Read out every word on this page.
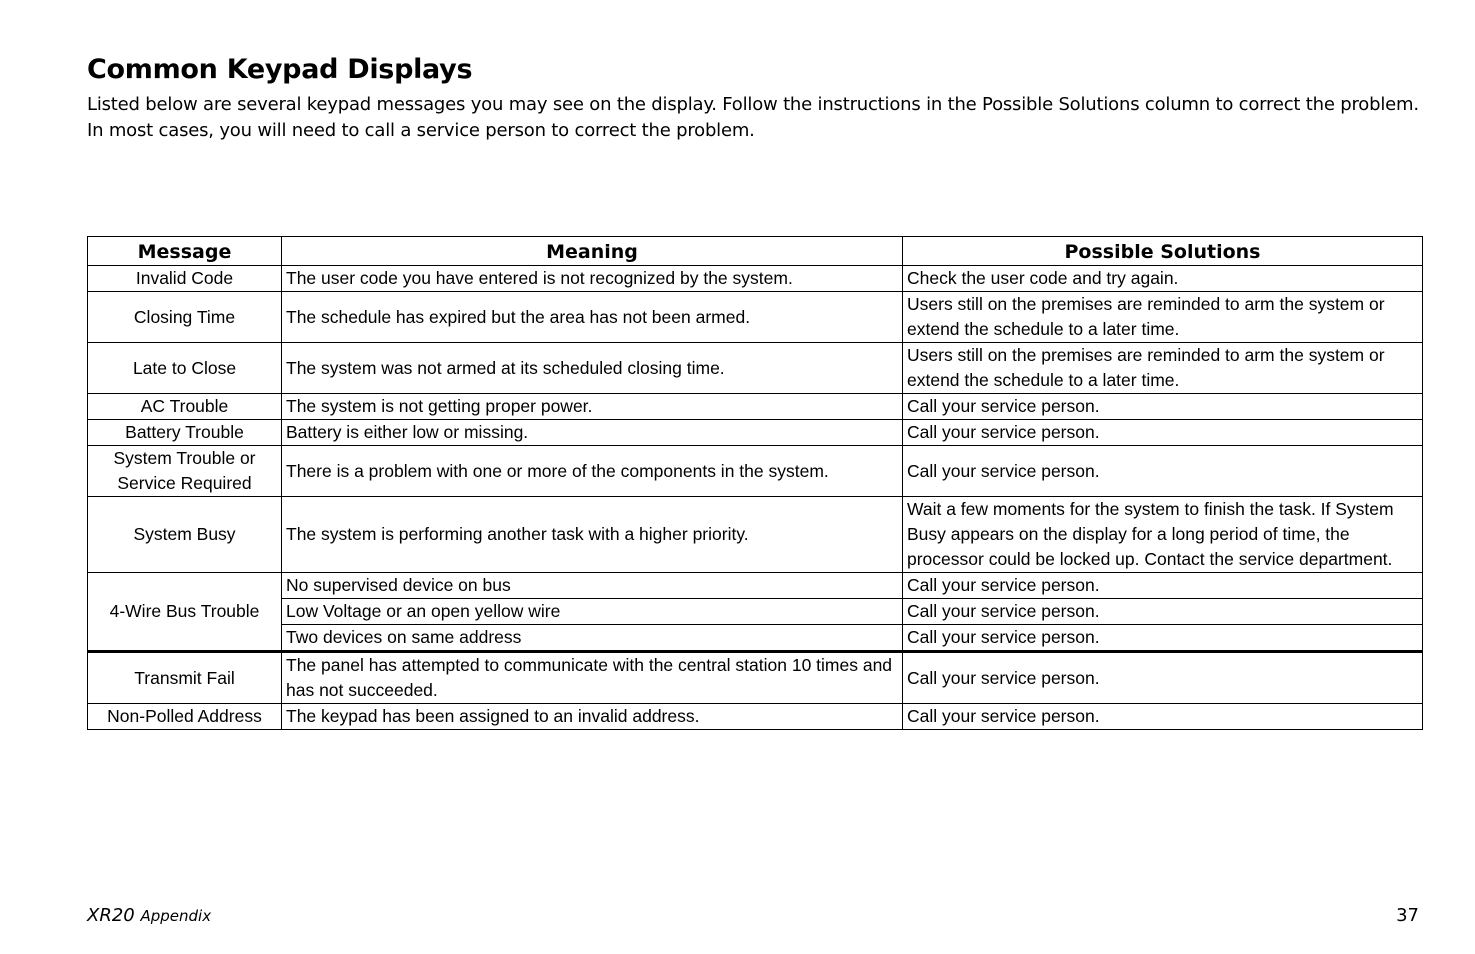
Common Keypad Displays

Listed below are several keypad messages you may see on the display. Follow the instructions in the Possible Solutions column to correct the problem. In most cases, you will need to call a service person to correct the problem.

Message	Meaning	Possible Solutions
Invalid Code	The user code you have entered is not recognized by the system.	Check the user code and try again.
Closing Time	The schedule has expired but the area has not been armed.	Users still on the premises are reminded to arm the system or extend the schedule to a later time.
Late to Close	The system was not armed at its scheduled closing time.	Users still on the premises are reminded to arm the system or extend the schedule to a later time.
AC Trouble	The system is not getting proper power.	Call your service person.
Battery Trouble	Battery is either low or missing.	Call your service person.
System Trouble or Service Required	There is a problem with one or more of the components in the system.	Call your service person.
System Busy	The system is performing another task with a higher priority.	Wait a few moments for the system to finish the task. If System Busy appears on the display for a long period of time, the processor could be locked up. Contact the service department.
4-Wire Bus Trouble	No supervised device on bus	Call your service person.
	Low Voltage or an open yellow wire	Call your service person.
	Two devices on same address	Call your service person.
Transmit Fail	The panel has attempted to communicate with the central station 10 times and has not succeeded.	Call your service person.
Non-Polled Address	The keypad has been assigned to an invalid address.	Call your service person.
XR20 Appendix	37
